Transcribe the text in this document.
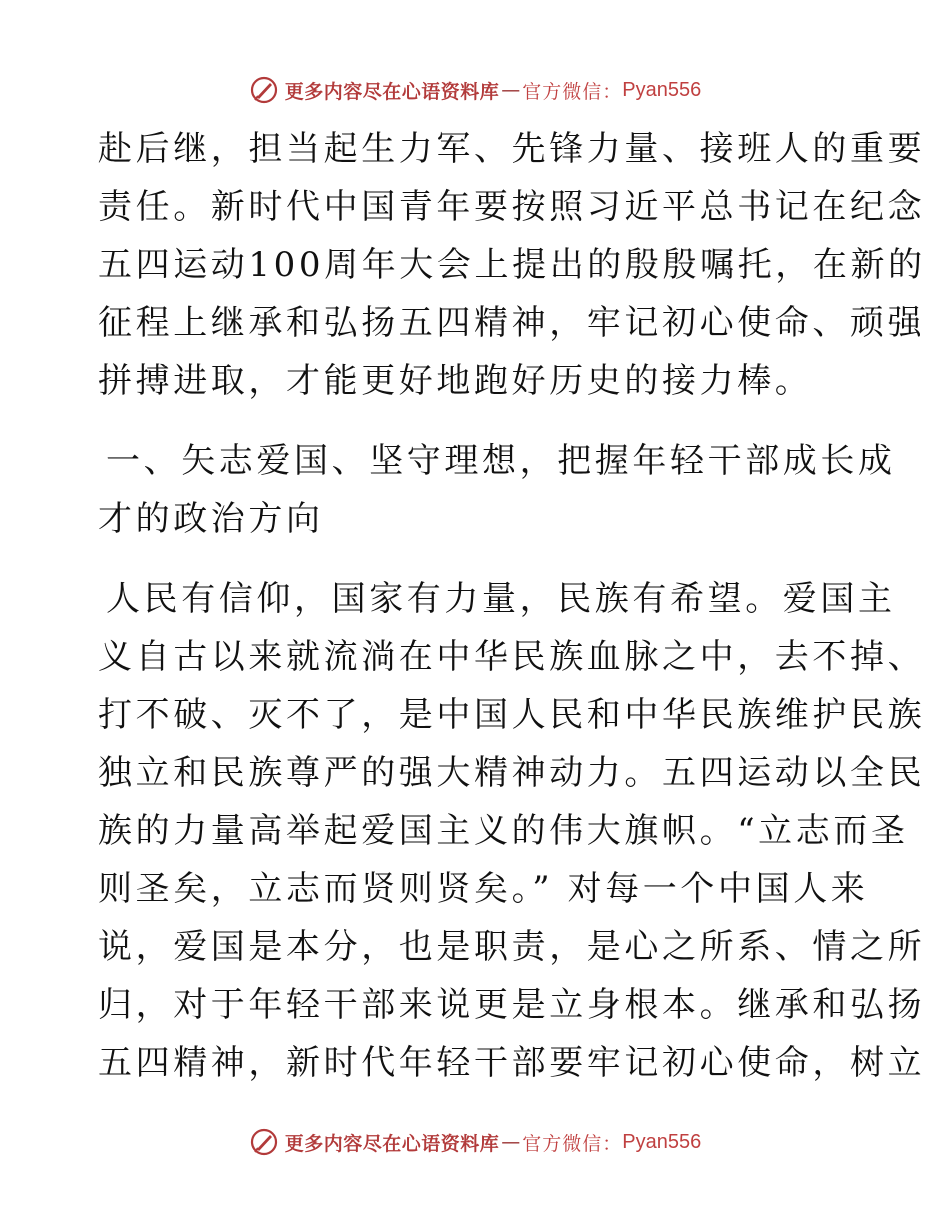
更多内容尽在心语资料库 — 官方微信： Pyan556

赴后继，担当起生力军、先锋力量、接班人的重要

责任。新时代中国青年要按照习近平总书记在纪念

五四运动100周年大会上提出的殷殷嘱托，在新的

征程上继承和弘扬五四精神，牢记初心使命、顽强

拼搏进取，才能更好地跑好历史的接力棒。

一、矢志爱国、坚守理想，把握年轻干部成长成

才的政治方向

人民有信仰，国家有力量，民族有希望。爱国主

义自古以来就流淌在中华民族血脉之中，去不掉、

打不破、灭不了，是中国人民和中华民族维护民族

独立和民族尊严的强大精神动力。五四运动以全民

族的力量高举起爱国主义的伟大旗帜。“立志而圣

则圣矣，立志而贤则贤矣。” 对每一个中国人来

说，爱国是本分，也是职责，是心之所系、情之所

归，对于年轻干部来说更是立身根本。继承和弘扬

五四精神，新时代年轻干部要牢记初心使命，树立

更多内容尽在心语资料库 — 官方微信： Pyan556
